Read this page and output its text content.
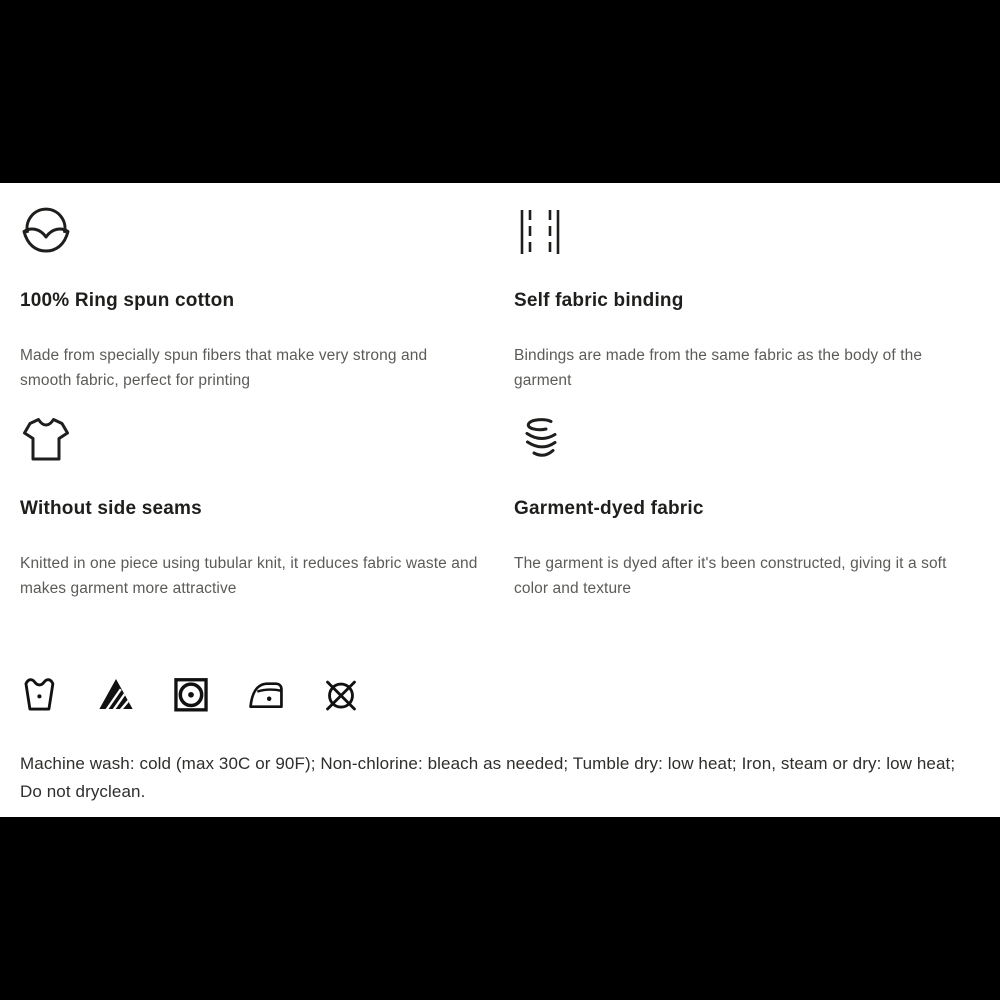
100% Ring spun cotton

Made from specially spun fibers that make very strong and smooth fabric, perfect for printing

Self fabric binding

Bindings are made from the same fabric as the body of the garment

Without side seams

Knitted in one piece using tubular knit, it reduces fabric waste and makes garment more attractive

Garment-dyed fabric

The garment is dyed after it's been constructed, giving it a soft color and texture

Machine wash: cold (max 30C or 90F); Non-chlorine: bleach as needed; Tumble dry: low heat; Iron, steam or dry: low heat; Do not dryclean.
